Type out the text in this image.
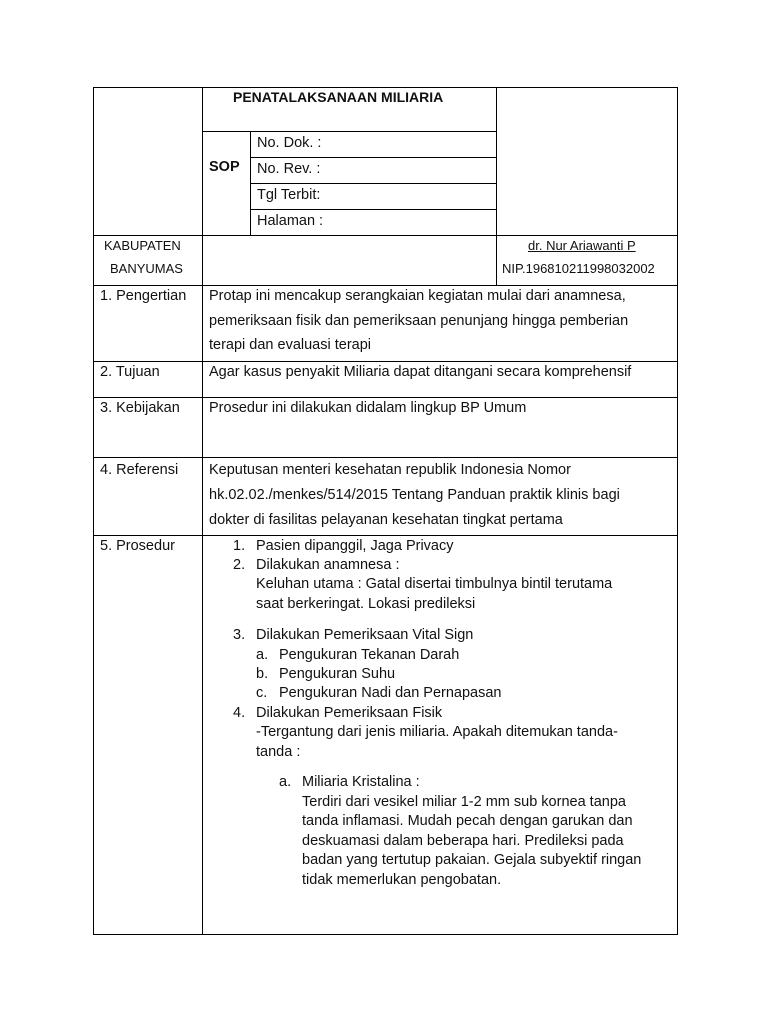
PENATALAKSANAAN MILIARIA
SOP
No. Dok. :
No. Rev. :
Tgl Terbit:
Halaman :
KABUPATEN
BANYUMAS
dr. Nur Ariawanti P
NIP.196810211998032002
1. Pengertian Protap ini mencakup serangkaian kegiatan mulai dari anamnesa,
pemeriksaan fisik dan pemeriksaan penunjang hingga pemberian
terapi dan evaluasi terapi
2. Tujuan	Agar kasus penyakit Miliaria dapat ditangani secara komprehensif
3. Kebijakan Prosedur ini dilakukan didalam lingkup BP Umum
4. Referensi Keputusan menteri kesehatan republik Indonesia Nomor
hk.02.02./menkes/514/2015 Tentang Panduan praktik klinis bagi
dokter di fasilitas pelayanan kesehatan tingkat pertama
5. Prosedur	1. Pasien dipanggil, Jaga Privacy
2. Dilakukan anamnesa :
Keluhan utama : Gatal disertai timbulnya bintil terutama
saat berkeringat. Lokasi predileksi
3. Dilakukan Pemeriksaan Vital Sign
a. Pengukuran Tekanan Darah
b. Pengukuran Suhu
c. Pengukuran Nadi dan Pernapasan
4. Dilakukan Pemeriksaan Fisik
-Tergantung dari jenis miliaria. Apakah ditemukan tanda-
tanda :
a. Miliaria Kristalina :
Terdiri dari vesikel miliar 1-2 mm sub kornea tanpa
tanda inflamasi. Mudah pecah dengan garukan dan
deskuamasi dalam beberapa hari. Predileksi pada
badan yang tertutup pakaian. Gejala subyektif ringan
tidak memerlukan pengobatan.
